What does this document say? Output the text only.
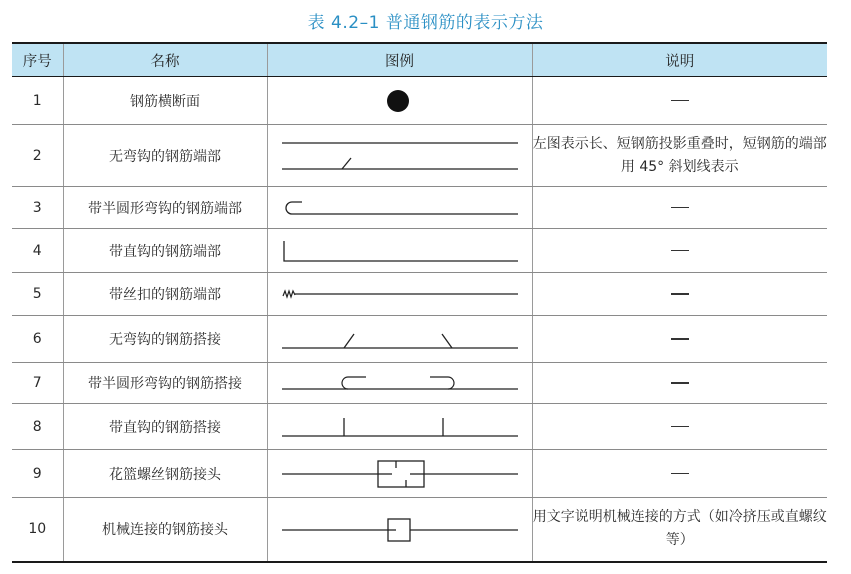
表 4.2–1 普通钢筋的表示方法
序号	名称	图例	说明
1	钢筋横断面	

2	无弯钩的钢筋端部		左图表示长、短钢筋投影重叠时，短钢筋的端部用 45° 斜划线表示
3	带半圆形弯钩的钢筋端部	

4	带直钩的钢筋端部	

5	带丝扣的钢筋端部	

6	无弯钩的钢筋搭接	

7	带半圆形弯钩的钢筋搭接	

8	带直钩的钢筋搭接	

9	花篮螺丝钢筋接头	

10	机械连接的钢筋接头		用文字说明机械连接的方式（如冷挤压或直螺纹等）
